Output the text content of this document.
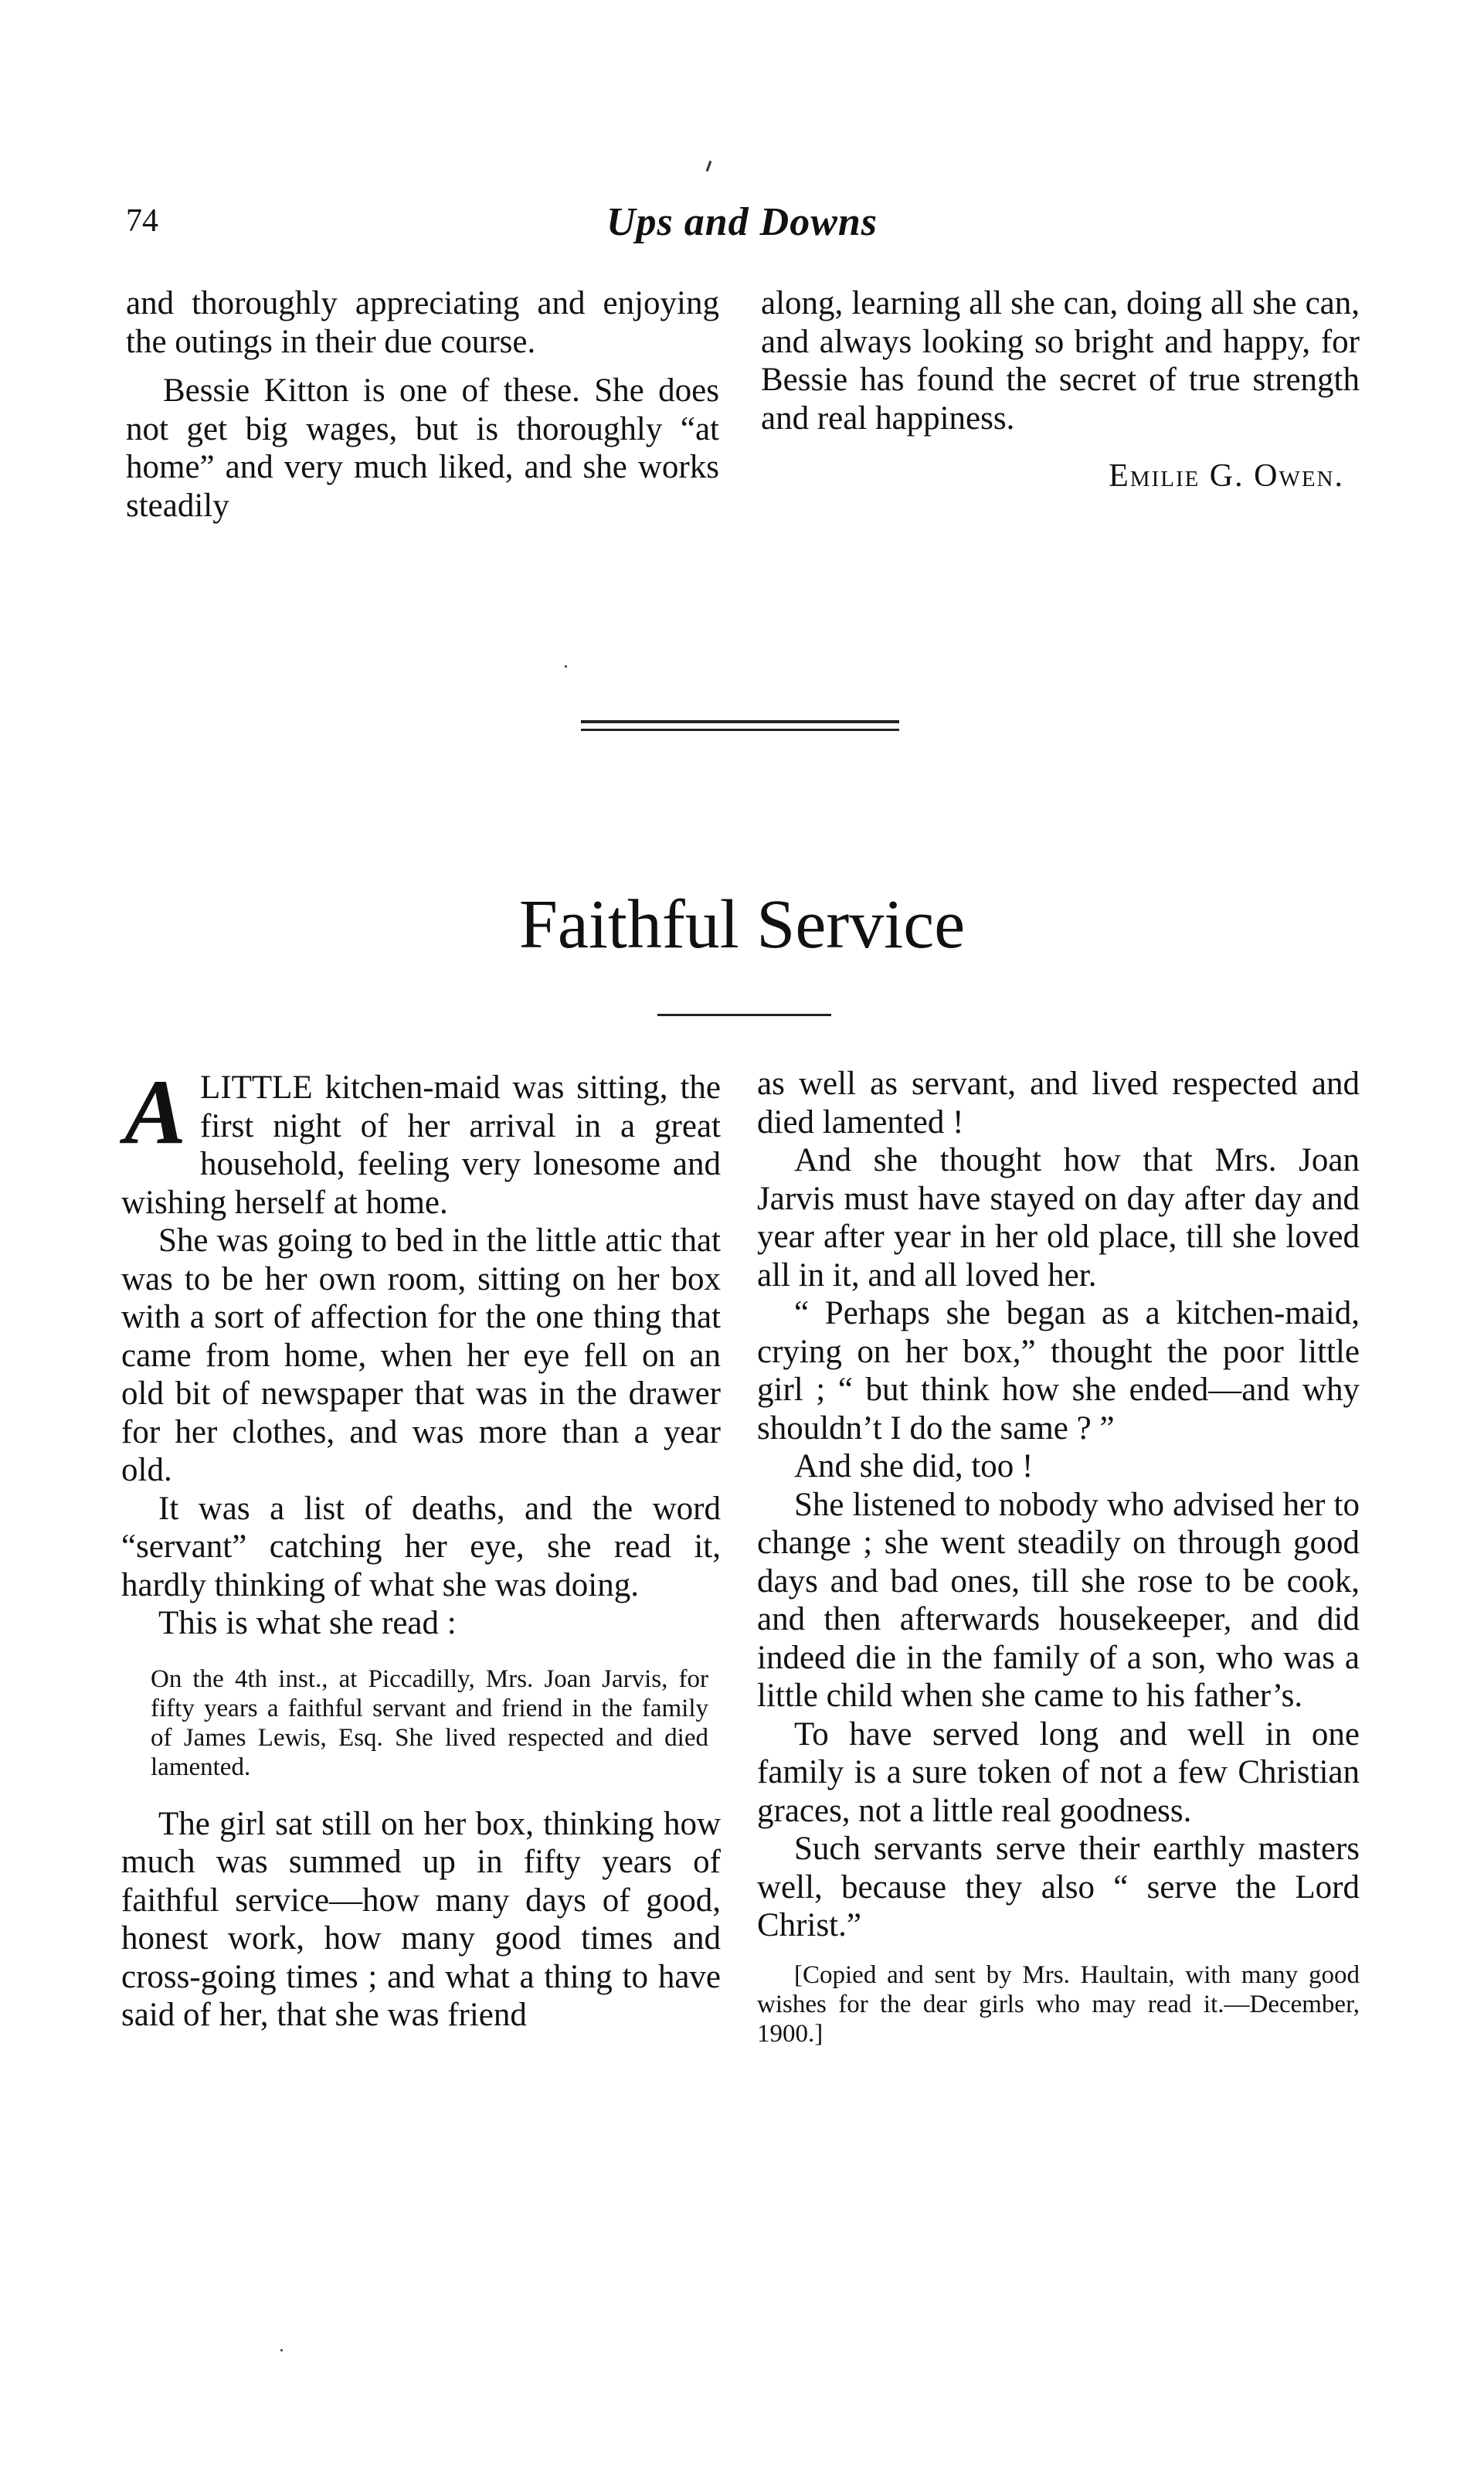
74	Ups and Downs

and thoroughly appreciating and enjoying the outings in their due course.

Bessie Kitton is one of these. She does not get big wages, but is thoroughly “at home” and very much liked, and she works steadily

along, learning all she can, doing all she can, and always looking so bright and happy, for Bessie has found the secret of true strength and real happiness.

Emilie G. Owen.
Faithful Service

ALITTLE kitchen-maid was sitting, the first night of her arrival in a great household, feeling very lonesome and wishing herself at home.

She was going to bed in the little attic that was to be her own room, sitting on her box with a sort of affection for the one thing that came from home, when her eye fell on an old bit of newspaper that was in the drawer for her clothes, and was more than a year old.

It was a list of deaths, and the word “servant” catching her eye, she read it, hardly thinking of what she was doing.

This is what she read :

On the 4th inst., at Piccadilly, Mrs. Joan Jarvis, for fifty years a faithful servant and friend in the family of James Lewis, Esq. She lived respected and died lamented.

The girl sat still on her box, thinking how much was summed up in fifty years of faithful service—how many days of good, honest work, how many good times and cross-going times ; and what a thing to have said of her, that she was friend

as well as servant, and lived respected and died lamented !

And she thought how that Mrs. Joan Jarvis must have stayed on day after day and year after year in her old place, till she loved all in it, and all loved her.

“ Perhaps she began as a kitchen-maid, crying on her box,” thought the poor little girl ; “ but think how she ended—and why shouldn’t I do the same ? ”

And she did, too !

She listened to nobody who advised her to change ; she went steadily on through good days and bad ones, till she rose to be cook, and then afterwards housekeeper, and did indeed die in the family of a son, who was a little child when she came to his father’s.

To have served long and well in one family is a sure token of not a few Christian graces, not a little real goodness.

Such servants serve their earthly masters well, because they also “ serve the Lord Christ.”

[Copied and sent by Mrs. Haultain, with many good wishes for the dear girls who may read it.—December, 1900.]
